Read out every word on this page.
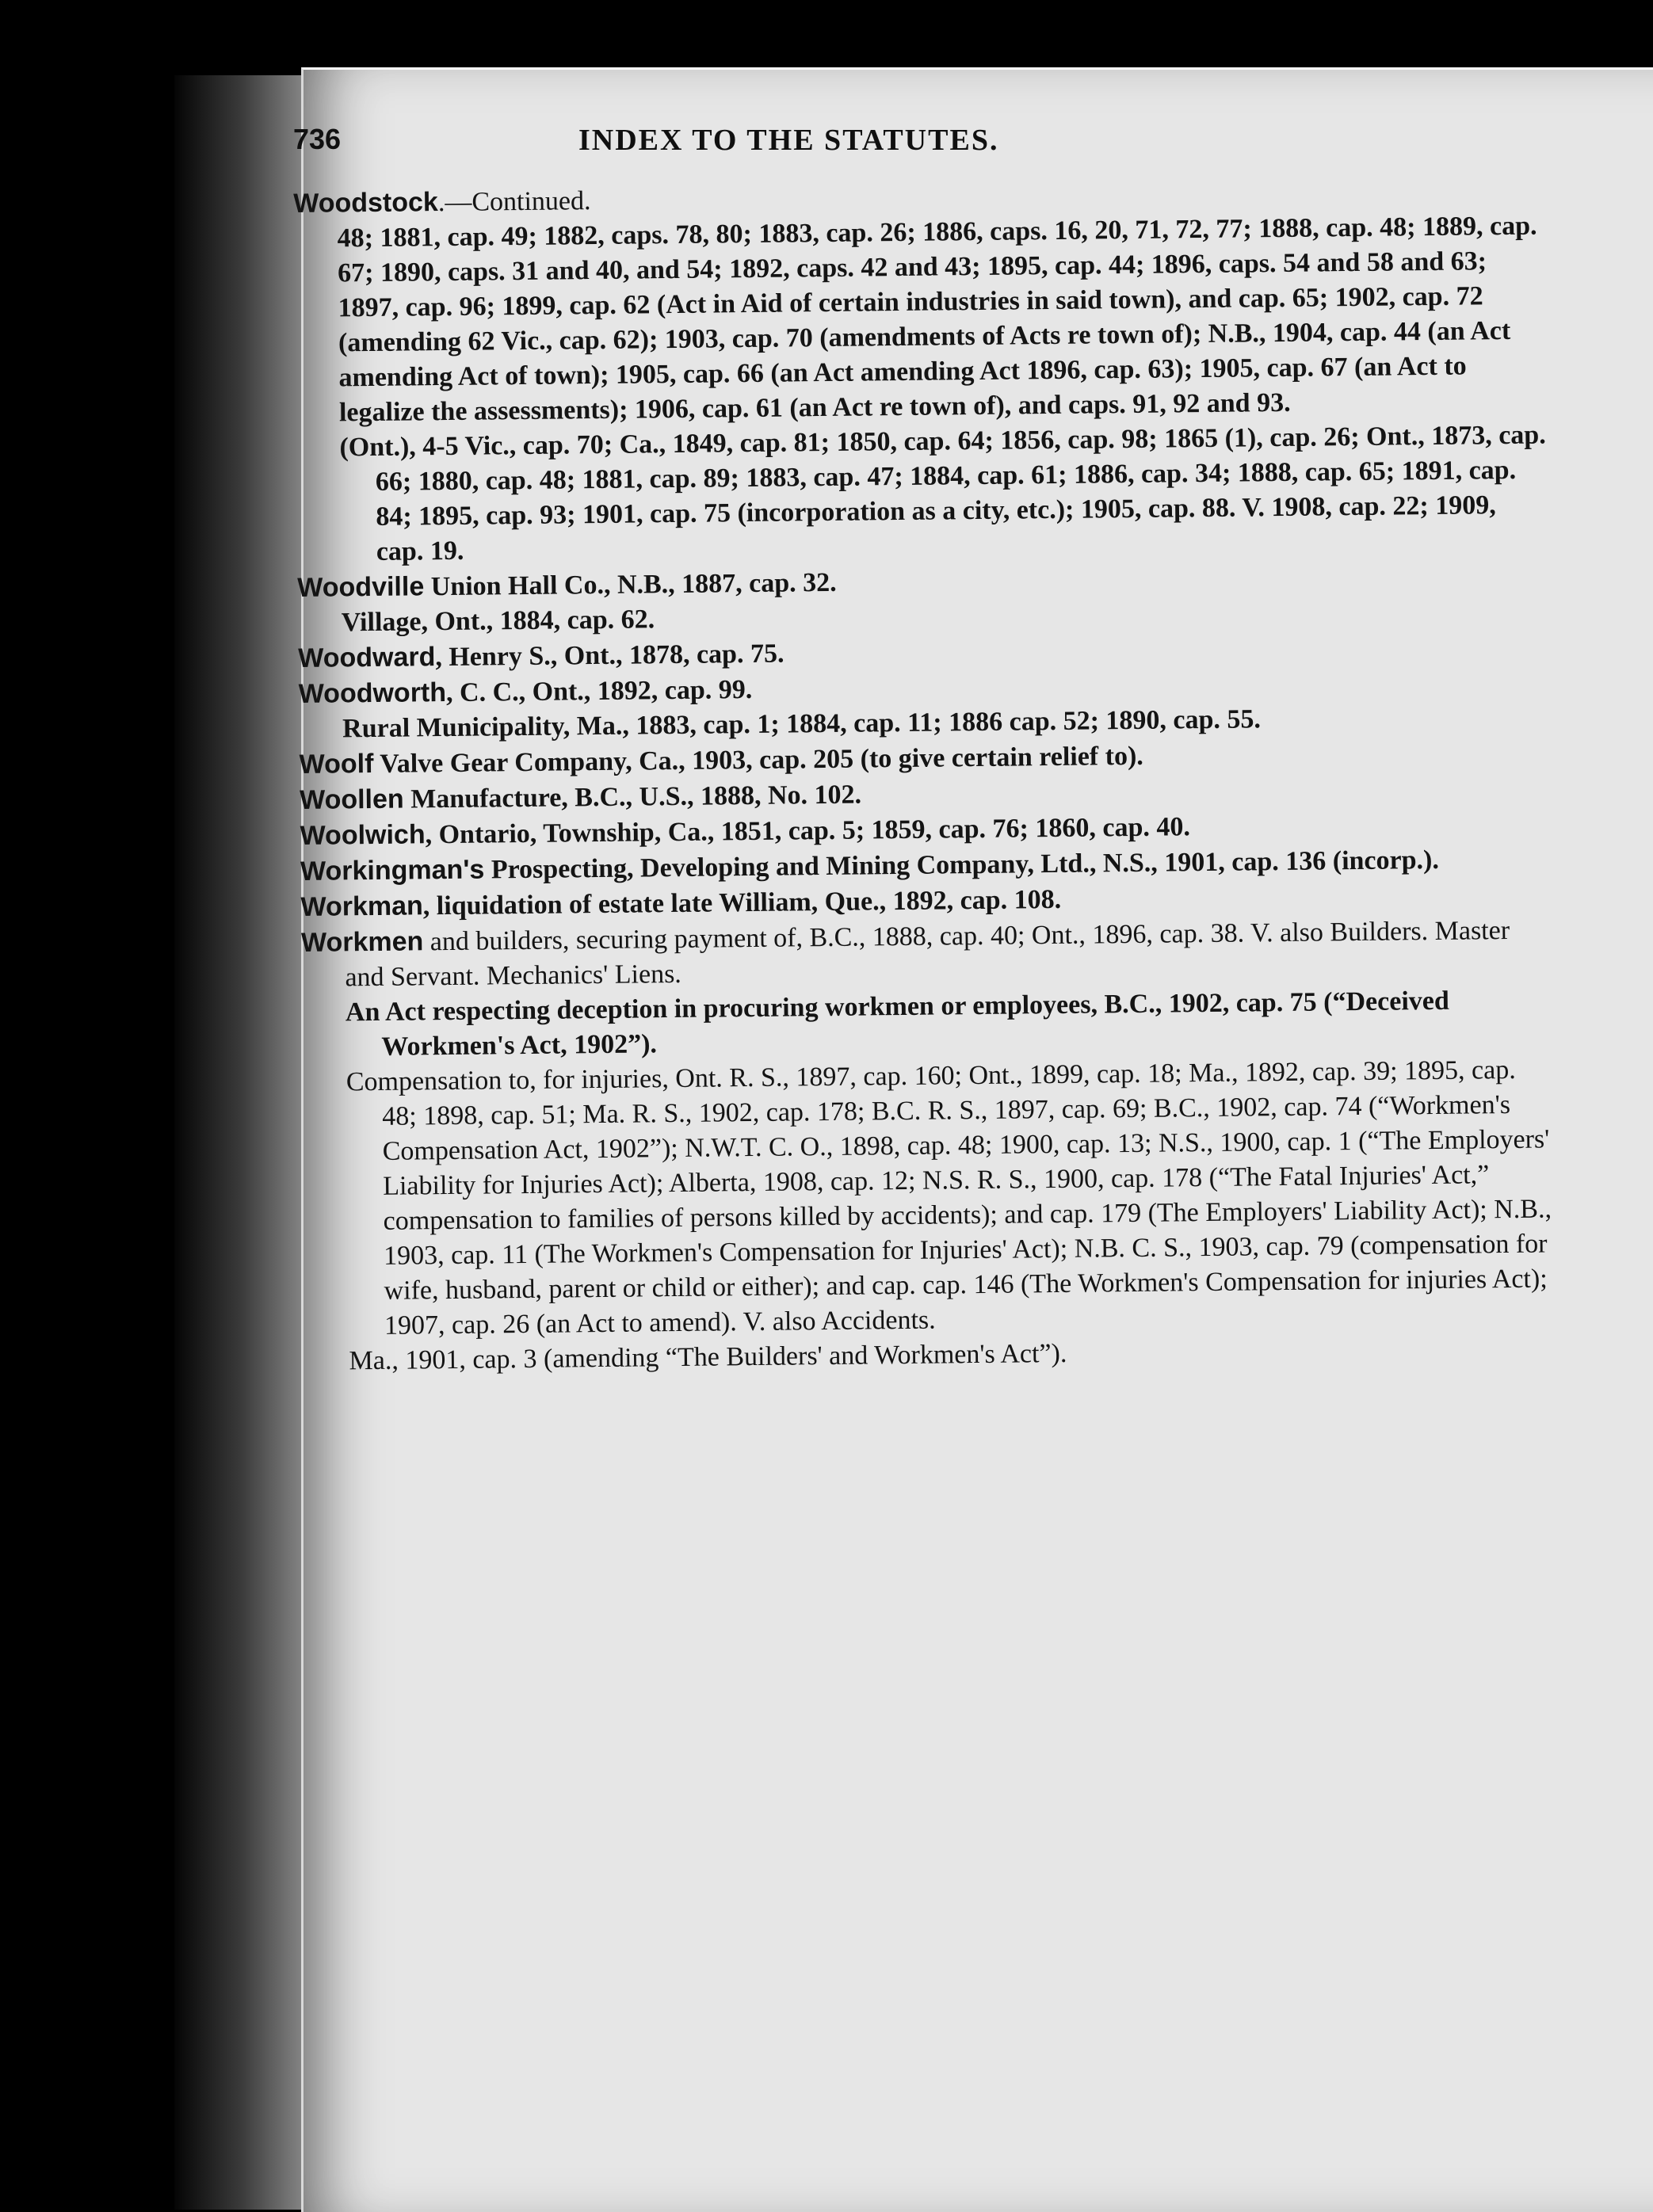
736	INDEX TO THE STATUTES.

Woodstock.—Continued.

48; 1881, cap. 49; 1882, caps. 78, 80; 1883, cap. 26; 1886, caps. 16, 20, 71, 72, 77; 1888, cap. 48; 1889, cap. 67; 1890, caps. 31 and 40, and 54; 1892, caps. 42 and 43; 1895, cap. 44; 1896, caps. 54 and 58 and 63; 1897, cap. 96; 1899, cap. 62 (Act in Aid of certain industries in said town), and cap. 65; 1902, cap. 72 (amending 62 Vic., cap. 62); 1903, cap. 70 (amendments of Acts re town of); N.B., 1904, cap. 44 (an Act amending Act of town); 1905, cap. 66 (an Act amending Act 1896, cap. 63); 1905, cap. 67 (an Act to legalize the assessments); 1906, cap. 61 (an Act re town of), and caps. 91, 92 and 93.

(Ont.), 4-5 Vic., cap. 70; Ca., 1849, cap. 81; 1850, cap. 64; 1856, cap. 98; 1865 (1), cap. 26; Ont., 1873, cap. 66; 1880, cap. 48; 1881, cap. 89; 1883, cap. 47; 1884, cap. 61; 1886, cap. 34; 1888, cap. 65; 1891, cap. 84; 1895, cap. 93; 1901, cap. 75 (incorporation as a city, etc.); 1905, cap. 88. V. 1908, cap. 22; 1909, cap. 19.

Woodville Union Hall Co., N.B., 1887, cap. 32.

Village, Ont., 1884, cap. 62.

Woodward, Henry S., Ont., 1878, cap. 75.

Woodworth, C. C., Ont., 1892, cap. 99.

Rural Municipality, Ma., 1883, cap. 1; 1884, cap. 11; 1886 cap. 52; 1890, cap. 55.

Woolf Valve Gear Company, Ca., 1903, cap. 205 (to give certain relief to).

Woollen Manufacture, B.C., U.S., 1888, No. 102.

Woolwich, Ontario, Township, Ca., 1851, cap. 5; 1859, cap. 76; 1860, cap. 40.

Workingman's Prospecting, Developing and Mining Company, Ltd., N.S., 1901, cap. 136 (incorp.).

Workman, liquidation of estate late William, Que., 1892, cap. 108.

Workmen and builders, securing payment of, B.C., 1888, cap. 40; Ont., 1896, cap. 38. V. also Builders. Master and Servant. Mechanics' Liens.

An Act respecting deception in procuring workmen or employees, B.C., 1902, cap. 75 (“Deceived Workmen's Act, 1902”).

Compensation to, for injuries, Ont. R. S., 1897, cap. 160; Ont., 1899, cap. 18; Ma., 1892, cap. 39; 1895, cap. 48; 1898, cap. 51; Ma. R. S., 1902, cap. 178; B.C. R. S., 1897, cap. 69; B.C., 1902, cap. 74 (“Workmen's Compensation Act, 1902”); N.W.T. C. O., 1898, cap. 48; 1900, cap. 13; N.S., 1900, cap. 1 (“The Employers' Liability for Injuries Act); Alberta, 1908, cap. 12; N.S. R. S., 1900, cap. 178 (“The Fatal Injuries' Act,” compensation to families of persons killed by accidents); and cap. 179 (The Employers' Liability Act); N.B., 1903, cap. 11 (The Workmen's Compensation for Injuries' Act); N.B. C. S., 1903, cap. 79 (compensation for wife, husband, parent or child or either); and cap. cap. 146 (The Workmen's Compensation for injuries Act); 1907, cap. 26 (an Act to amend). V. also Accidents.

Ma., 1901, cap. 3 (amending “The Builders' and Workmen's Act”).
